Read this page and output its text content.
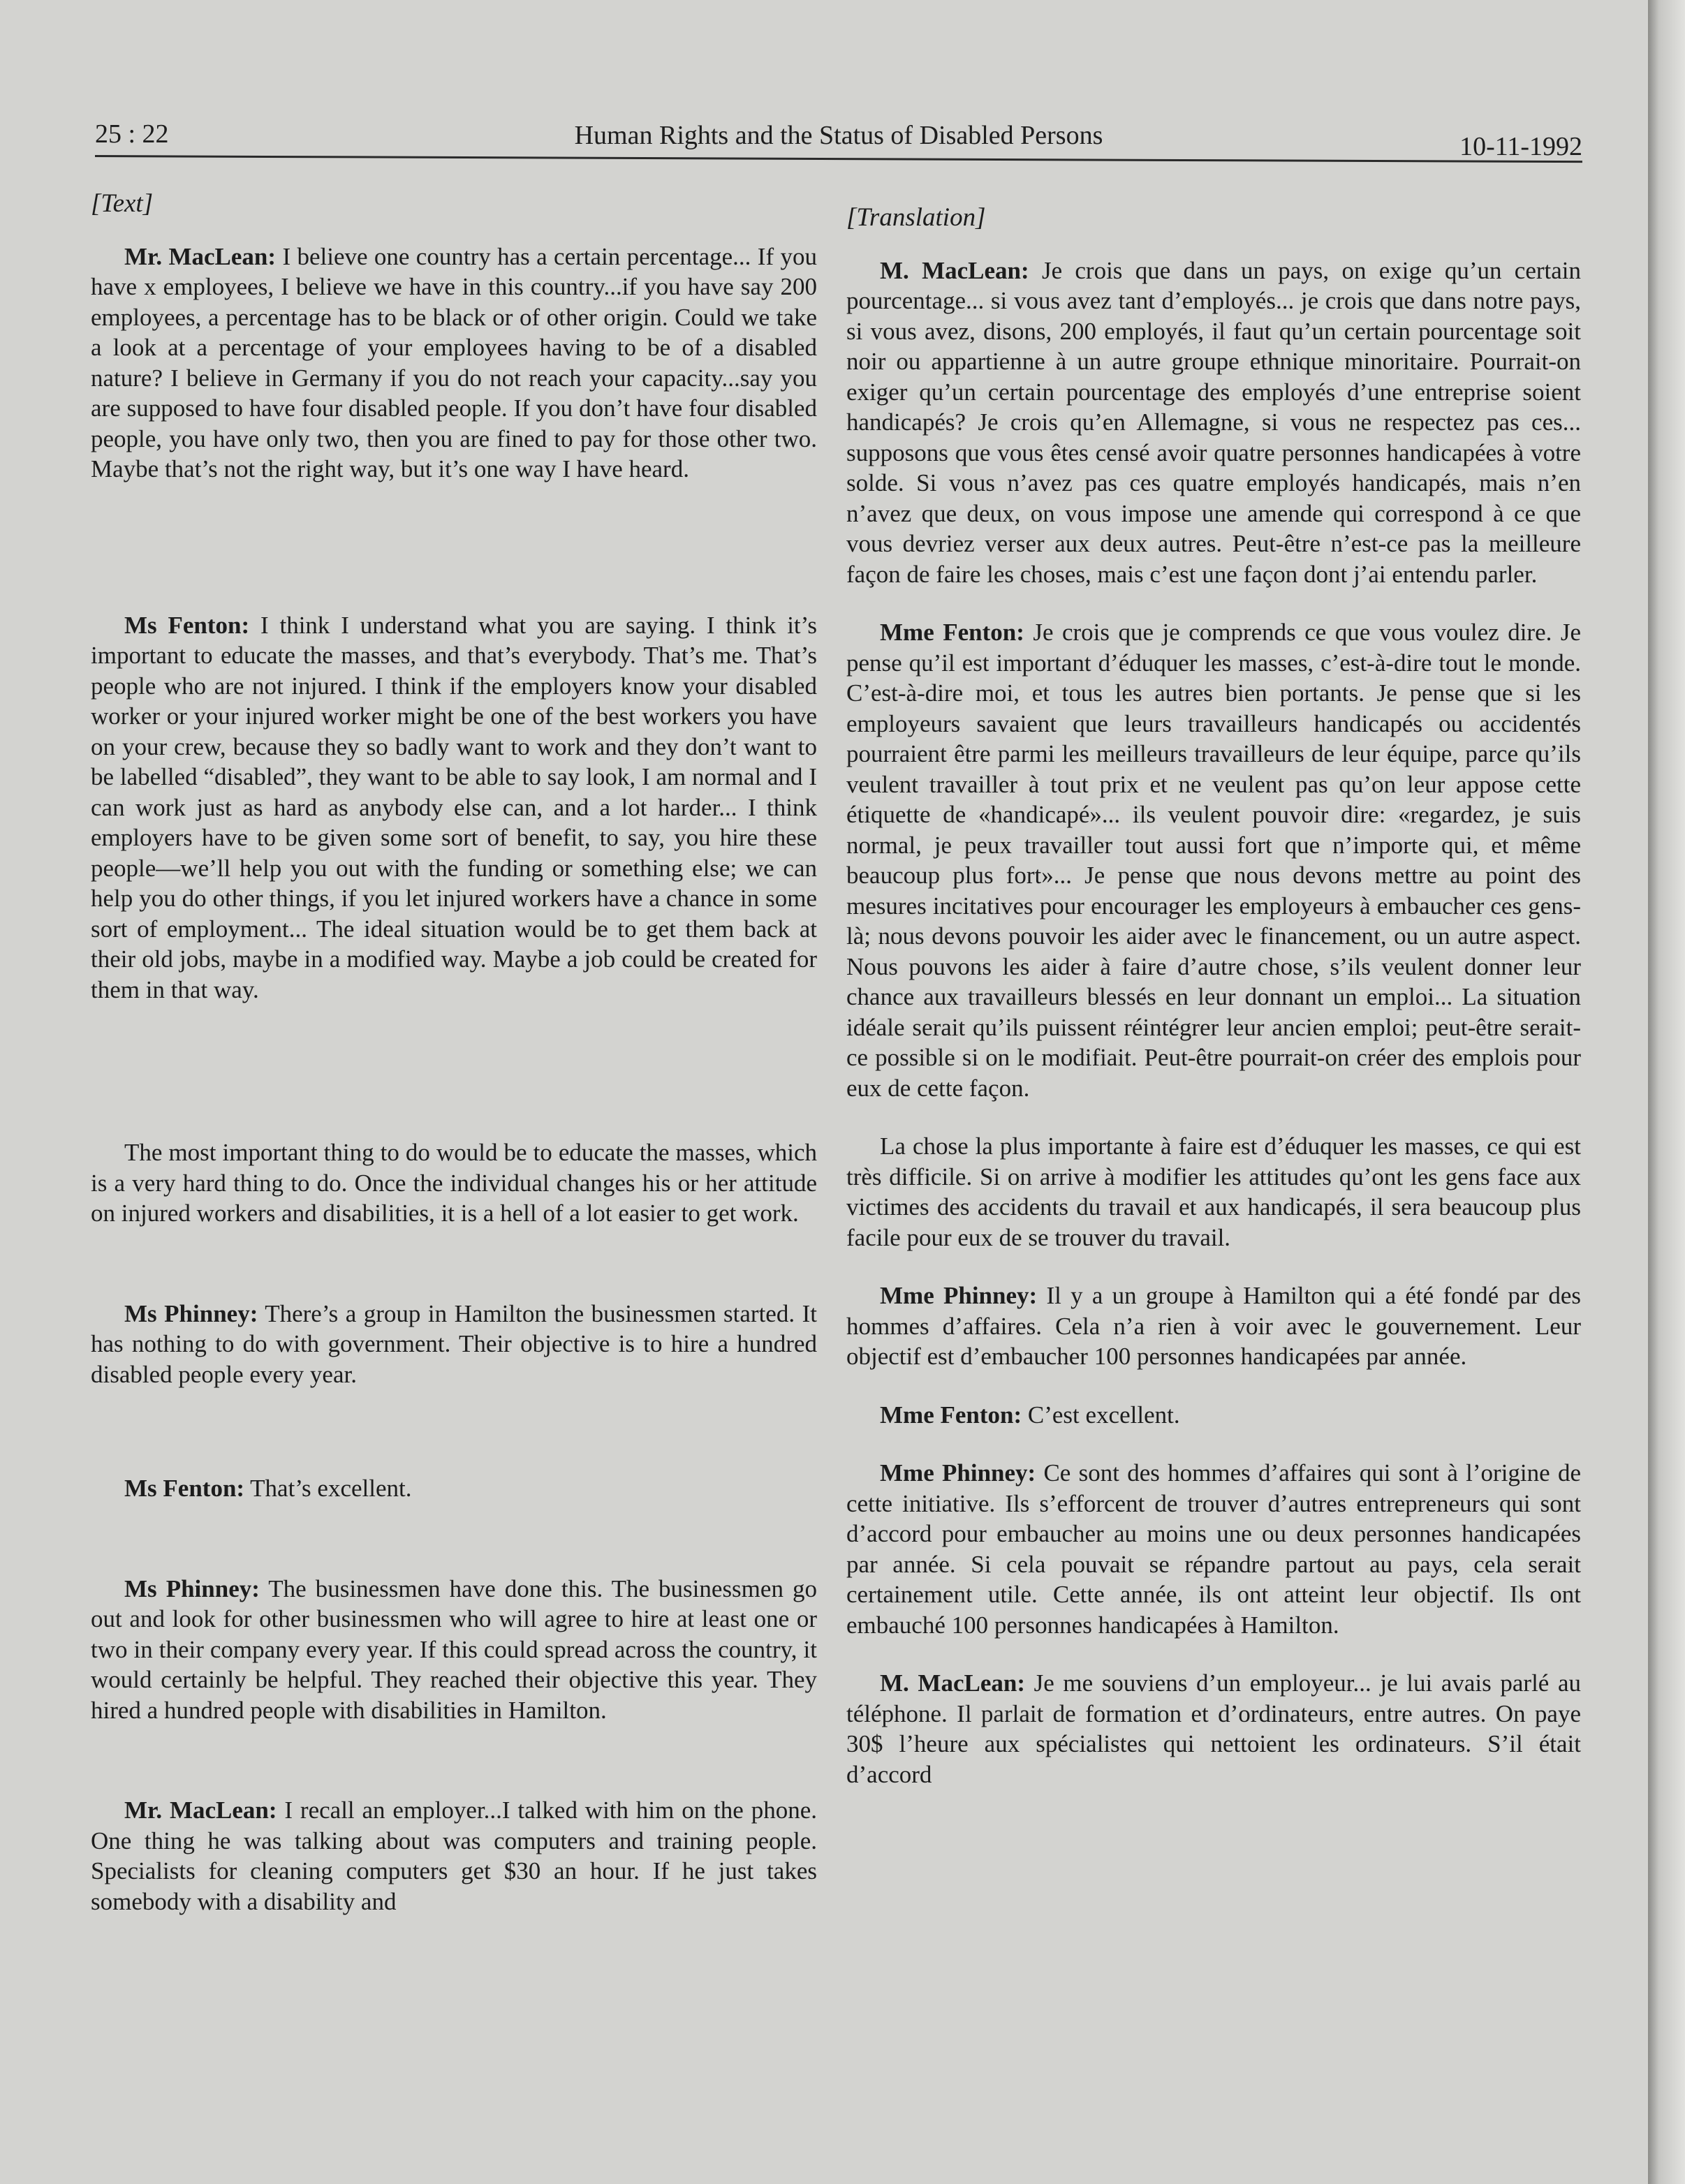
25 : 22	Human Rights and the Status of Disabled Persons	10-11-1992
[Text]

Mr. MacLean: I believe one country has a certain percentage... If you have x employees, I believe we have in this country...if you have say 200 employees, a percentage has to be black or of other origin. Could we take a look at a percentage of your employees having to be of a disabled nature? I believe in Germany if you do not reach your capacity...say you are supposed to have four disabled people. If you don’t have four disabled people, you have only two, then you are fined to pay for those other two. Maybe that’s not the right way, but it’s one way I have heard.

Ms Fenton: I think I understand what you are saying. I think it’s important to educate the masses, and that’s everybody. That’s me. That’s people who are not injured. I think if the employers know your disabled worker or your injured worker might be one of the best workers you have on your crew, because they so badly want to work and they don’t want to be labelled “disabled”, they want to be able to say look, I am normal and I can work just as hard as anybody else can, and a lot harder... I think employers have to be given some sort of benefit, to say, you hire these people—we’ll help you out with the funding or something else; we can help you do other things, if you let injured workers have a chance in some sort of employment... The ideal situation would be to get them back at their old jobs, maybe in a modified way. Maybe a job could be created for them in that way.

The most important thing to do would be to educate the masses, which is a very hard thing to do. Once the individual changes his or her attitude on injured workers and disabilities, it is a hell of a lot easier to get work.

Ms Phinney: There’s a group in Hamilton the businessmen started. It has nothing to do with government. Their objective is to hire a hundred disabled people every year.

Ms Fenton: That’s excellent.

Ms Phinney: The businessmen have done this. The businessmen go out and look for other businessmen who will agree to hire at least one or two in their company every year. If this could spread across the country, it would certainly be helpful. They reached their objective this year. They hired a hundred people with disabilities in Hamilton.

Mr. MacLean: I recall an employer...I talked with him on the phone. One thing he was talking about was computers and training people. Specialists for cleaning computers get $30 an hour. If he just takes somebody with a disability and

[Translation]

M. MacLean: Je crois que dans un pays, on exige qu’un certain pourcentage... si vous avez tant d’employés... je crois que dans notre pays, si vous avez, disons, 200 employés, il faut qu’un certain pourcentage soit noir ou appartienne à un autre groupe ethnique minoritaire. Pourrait-on exiger qu’un certain pourcentage des employés d’une entreprise soient handicapés? Je crois qu’en Allemagne, si vous ne respectez pas ces... supposons que vous êtes censé avoir quatre personnes handicapées à votre solde. Si vous n’avez pas ces quatre employés handicapés, mais n’en n’avez que deux, on vous impose une amende qui correspond à ce que vous devriez verser aux deux autres. Peut-être n’est-ce pas la meilleure façon de faire les choses, mais c’est une façon dont j’ai entendu parler.

Mme Fenton: Je crois que je comprends ce que vous voulez dire. Je pense qu’il est important d’éduquer les masses, c’est-à-dire tout le monde. C’est-à-dire moi, et tous les autres bien portants. Je pense que si les employeurs savaient que leurs travailleurs handicapés ou accidentés pourraient être parmi les meilleurs travailleurs de leur équipe, parce qu’ils veulent travailler à tout prix et ne veulent pas qu’on leur appose cette étiquette de «handicapé»... ils veulent pouvoir dire: «regardez, je suis normal, je peux travailler tout aussi fort que n’importe qui, et même beaucoup plus fort»... Je pense que nous devons mettre au point des mesures incitatives pour encourager les employeurs à embaucher ces gens-là; nous devons pouvoir les aider avec le financement, ou un autre aspect. Nous pouvons les aider à faire d’autre chose, s’ils veulent donner leur chance aux travailleurs blessés en leur donnant un emploi... La situation idéale serait qu’ils puissent réintégrer leur ancien emploi; peut-être serait-ce possible si on le modifiait. Peut-être pourrait-on créer des emplois pour eux de cette façon.

La chose la plus importante à faire est d’éduquer les masses, ce qui est très difficile. Si on arrive à modifier les attitudes qu’ont les gens face aux victimes des accidents du travail et aux handicapés, il sera beaucoup plus facile pour eux de se trouver du travail.

Mme Phinney: Il y a un groupe à Hamilton qui a été fondé par des hommes d’affaires. Cela n’a rien à voir avec le gouvernement. Leur objectif est d’embaucher 100 personnes handicapées par année.

Mme Fenton: C’est excellent.

Mme Phinney: Ce sont des hommes d’affaires qui sont à l’origine de cette initiative. Ils s’efforcent de trouver d’autres entrepreneurs qui sont d’accord pour embaucher au moins une ou deux personnes handicapées par année. Si cela pouvait se répandre partout au pays, cela serait certainement utile. Cette année, ils ont atteint leur objectif. Ils ont embauché 100 personnes handicapées à Hamilton.

M. MacLean: Je me souviens d’un employeur... je lui avais parlé au téléphone. Il parlait de formation et d’ordinateurs, entre autres. On paye 30$ l’heure aux spécialistes qui nettoient les ordinateurs. S’il était d’accord
